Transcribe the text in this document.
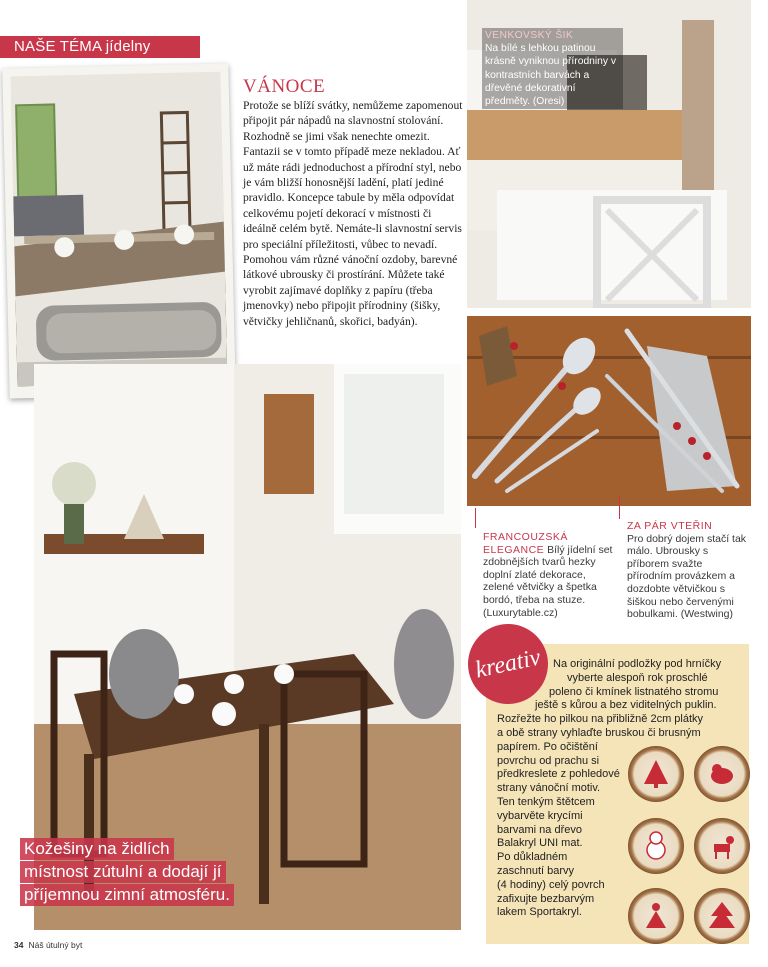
NAŠE TÉMA jídelny
VÁNOCE
Protože se blíží svátky, nemůžeme zapomenout připojit pár nápadů na slavnostní stolování. Rozhodně se jimi však nenechte omezit. Fantazii se v tomto případě meze nekladou. Ať už máte rádi jednoduchost a přírodní styl, nebo je vám bližší honosnější ladění, platí jediné pravidlo. Koncepce tabule by měla odpovídat celkovému pojetí dekorací v místnosti či ideálně celém bytě. Nemáte-li slavnostní servis pro speciální příležitosti, vůbec to nevadí. Pomohou vám různé vánoční ozdoby, barevné látkové ubrousky či prostírání. Můžete také vyrobit zajímavé doplňky z papíru (třeba jmenovky) nebo připojit přírodniny (šišky, větvičky jehličnanů, skořici, badyán).
VENKOVSKÝ ŠIK
Na bílé s lehkou patinou krásně vyniknou přírodniny v kontrastních barvách a dřevěné dekorativní předměty. (Oresi)
FRANCOUZSKÁ
ELEGANCE Bílý jídelní set zdobnějších tvarů hezky doplní zlaté dekorace, zelené větvičky a špetka bordó, třeba na stuze. (Luxurytable.cz)
ZA PÁR VTEŘIN
Pro dobrý dojem stačí tak málo. Ubrousky s příborem svažte přírodním provázkem a dozdobte větvičkou s šiškou nebo červenými bobulkami. (Westwing)
Kožešiny na židlích
místnost zútulní a dodají jí
příjemnou zimní atmosféru.
kreativ Na originální podložky pod hrníčky
vyberte alespoň rok proschlé
poleno či kmínek listnatého stromu
ještě s kůrou a bez viditelných puklin.
Rozřežte ho pilkou na přibližně 2cm plátky
a obě strany vyhlaďte bruskou či brusným
papírem. Po očištění
povrchu od prachu si
předkreslete z pohledové
strany vánoční motiv.
Ten tenkým štětcem
vybarvěte krycími
barvami na dřevo
Balakryl UNI mat.
Po důkladném
zaschnutí barvy
(4 hodiny) celý povrch
zafixujte bezbarvým
lakem Sportakryl.
34 Náš útulný byt
